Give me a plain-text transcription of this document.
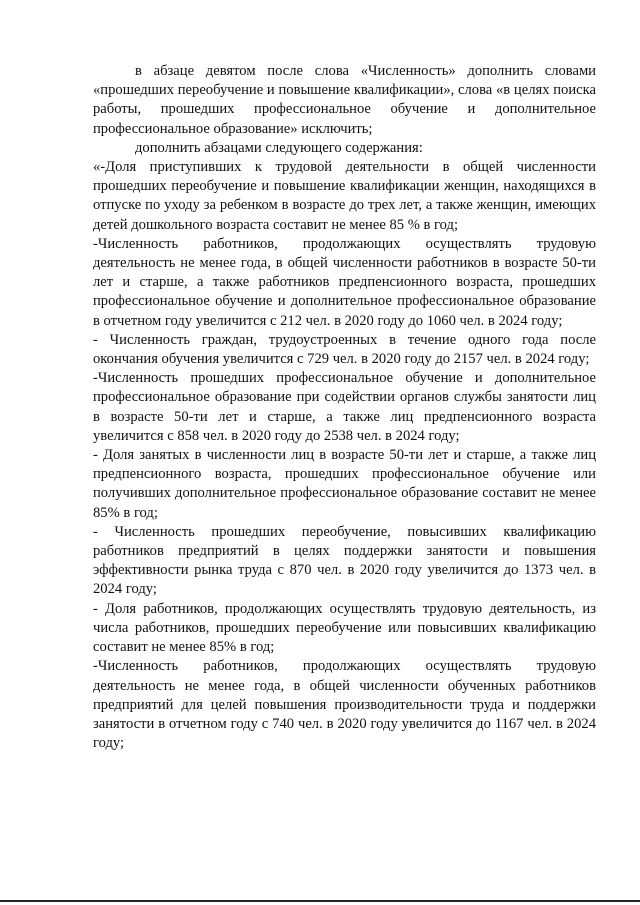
в абзаце девятом после слова «Численность» дополнить словами «прошедших переобучение и повышение квалификации», слова «в целях поиска работы, прошедших профессиональное обучение и дополнительное профессиональное образование» исключить;

дополнить абзацами следующего содержания:

«-Доля приступивших к трудовой деятельности в общей численности прошедших переобучение и повышение квалификации женщин, находящихся в отпуске по уходу за ребенком в возрасте до трех лет, а также женщин, имеющих детей дошкольного возраста составит не менее 85 % в год;

-Численность работников, продолжающих осуществлять трудовую деятельность не менее года, в общей численности работников в возрасте 50-ти лет и старше, а также работников предпенсионного возраста, прошедших профессиональное обучение и дополнительное профессиональное образование в отчетном году увеличится с 212 чел. в 2020 году до 1060 чел. в 2024 году;

- Численность граждан, трудоустроенных в течение одного года после окончания обучения увеличится с 729 чел. в 2020 году до 2157 чел. в 2024 году;

-Численность прошедших профессиональное обучение и дополнительное профессиональное образование при содействии органов службы занятости лиц в возрасте 50-ти лет и старше, а также лиц предпенсионного возраста увеличится с 858 чел. в 2020 году до 2538 чел. в 2024 году;

- Доля занятых в численности лиц в возрасте 50-ти лет и старше, а также лиц предпенсионного возраста, прошедших профессиональное обучение или получивших дополнительное профессиональное образование составит не менее 85% в год;

- Численность прошедших переобучение, повысивших квалификацию работников предприятий в целях поддержки занятости и повышения эффективности рынка труда с 870 чел. в 2020 году увеличится до 1373 чел. в 2024 году;

- Доля работников, продолжающих осуществлять трудовую деятельность, из числа работников, прошедших переобучение или повысивших квалификацию составит не менее 85% в год;

-Численность работников, продолжающих осуществлять трудовую деятельность не менее года, в общей численности обученных работников предприятий для целей повышения производительности труда и поддержки занятости в отчетном году с 740 чел. в 2020 году увеличится до 1167 чел. в 2024 году;
